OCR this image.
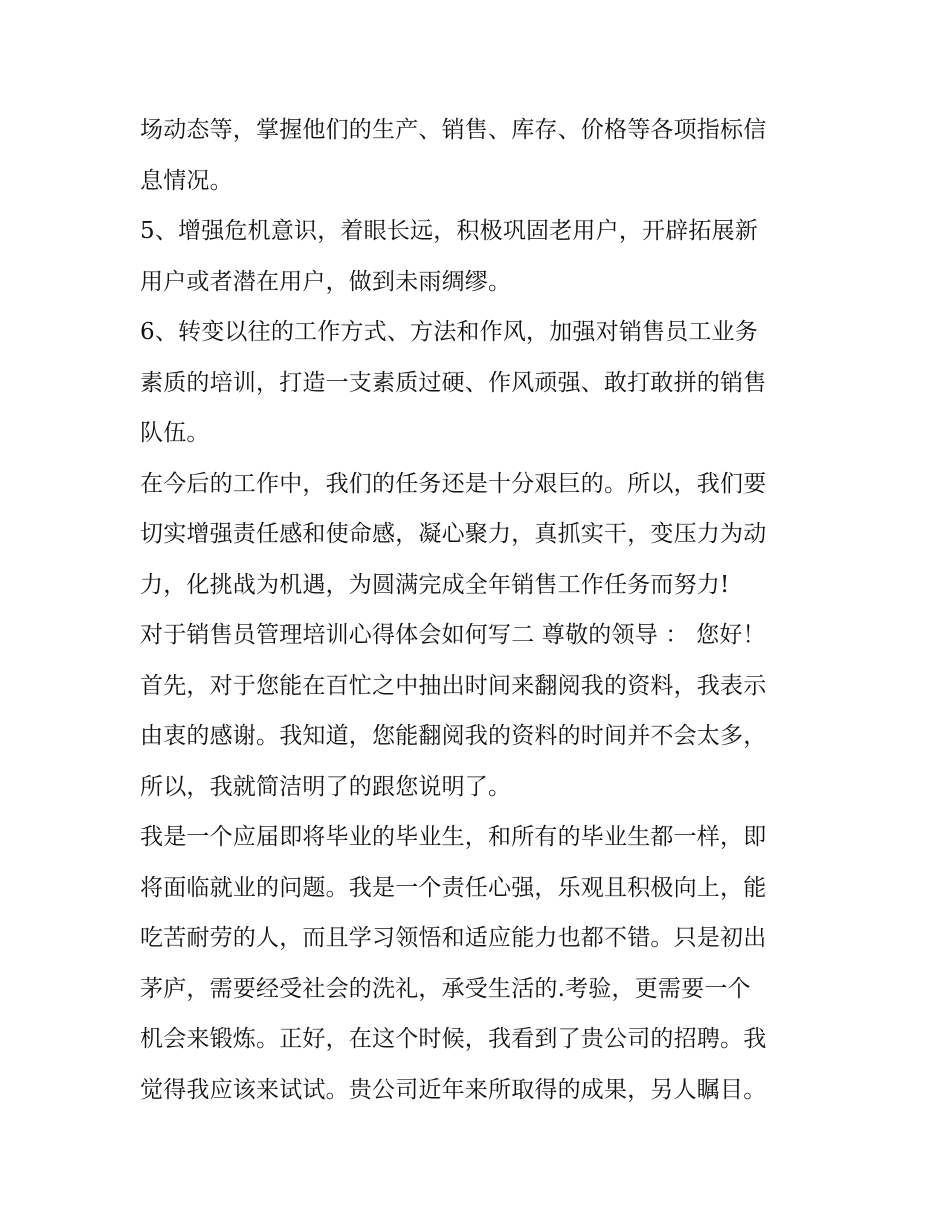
场动态等，掌握他们的生产、销售、库存、价格等各项指标信
息情况。
5、增强危机意识，着眼长远，积极巩固老用户，开辟拓展新
用户或者潜在用户，做到未雨绸缪。
6、转变以往的工作方式、方法和作风，加强对销售员工业务
素质的培训，打造一支素质过硬、作风顽强、敢打敢拼的销售
队伍。
在今后的工作中，我们的任务还是十分艰巨的。所以，我们要
切实增强责任感和使命感，凝心聚力，真抓实干，变压力为动
力，化挑战为机遇，为圆满完成全年销售工作任务而努力!
对于销售员管理培训心得体会如何写二 尊敬的领导 ： 您好！
首先，对于您能在百忙之中抽出时间来翻阅我的资料，我表示
由衷的感谢。我知道，您能翻阅我的资料的时间并不会太多，
所以，我就简洁明了的跟您说明了。
我是一个应届即将毕业的毕业生，和所有的毕业生都一样，即
将面临就业的问题。我是一个责任心强，乐观且积极向上，能
吃苦耐劳的人，而且学习领悟和适应能力也都不错。只是初出
茅庐，需要经受社会的洗礼，承受生活的.考验，更需要一个
机会来锻炼。正好，在这个时候，我看到了贵公司的招聘。我
觉得我应该来试试。贵公司近年来所取得的成果，另人瞩目。
